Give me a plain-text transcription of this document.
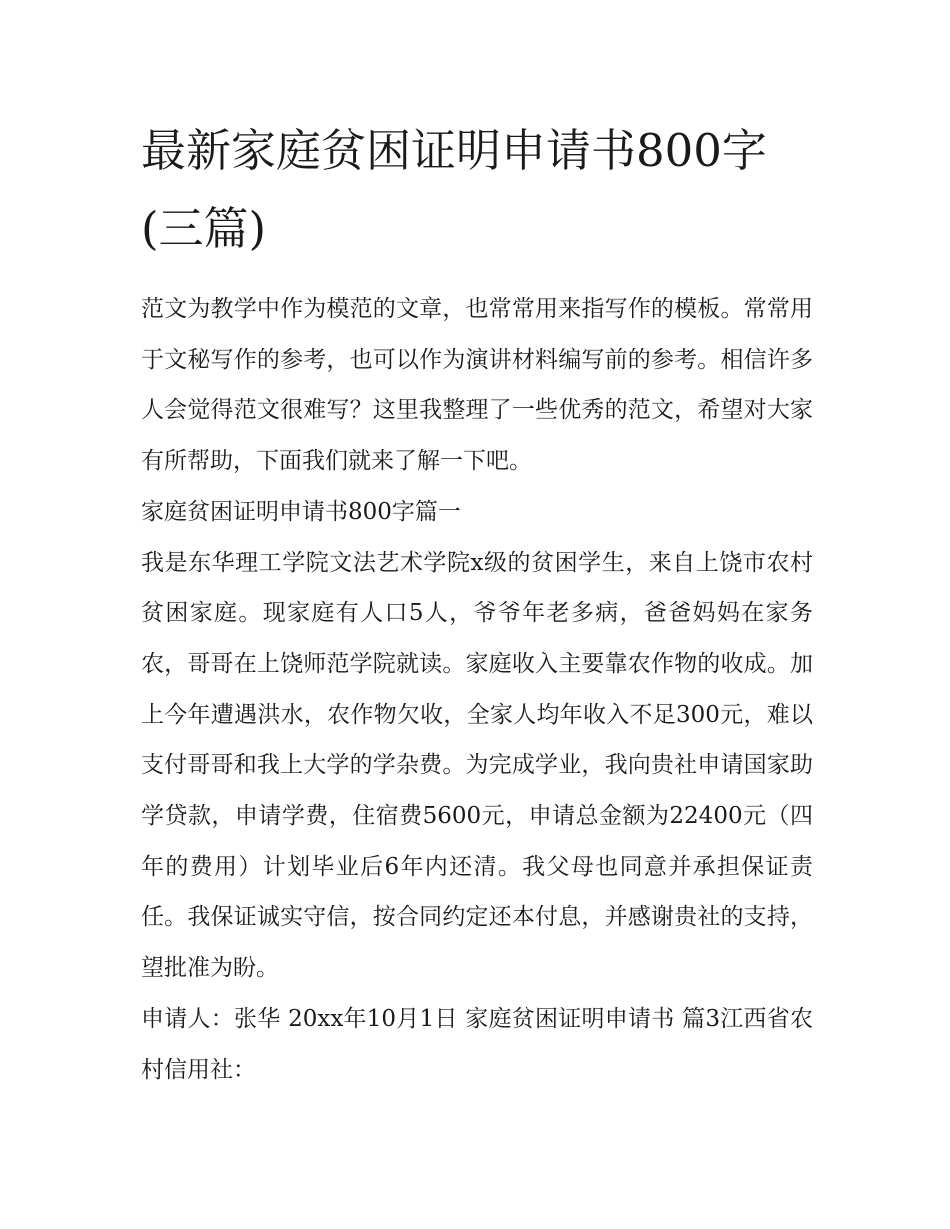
最新家庭贫困证明申请书800字(三篇)

范文为教学中作为模范的文章，也常常用来指写作的模板。常常用于文秘写作的参考，也可以作为演讲材料编写前的参考。相信许多人会觉得范文很难写？这里我整理了一些优秀的范文，希望对大家有所帮助，下面我们就来了解一下吧。

家庭贫困证明申请书800字篇一

我是东华理工学院文法艺术学院x级的贫困学生，来自上饶市农村贫困家庭。现家庭有人口5人，爷爷年老多病，爸爸妈妈在家务农，哥哥在上饶师范学院就读。家庭收入主要靠农作物的收成。加上今年遭遇洪水，农作物欠收，全家人均年收入不足300元，难以支付哥哥和我上大学的学杂费。为完成学业，我向贵社申请国家助学贷款，申请学费，住宿费5600元，申请总金额为22400元（四年的费用）计划毕业后6年内还清。我父母也同意并承担保证责任。我保证诚实守信，按合同约定还本付息，并感谢贵社的支持，望批准为盼。

申请人：张华 20xx年10月1日 家庭贫困证明申请书 篇3江西省农村信用社：
